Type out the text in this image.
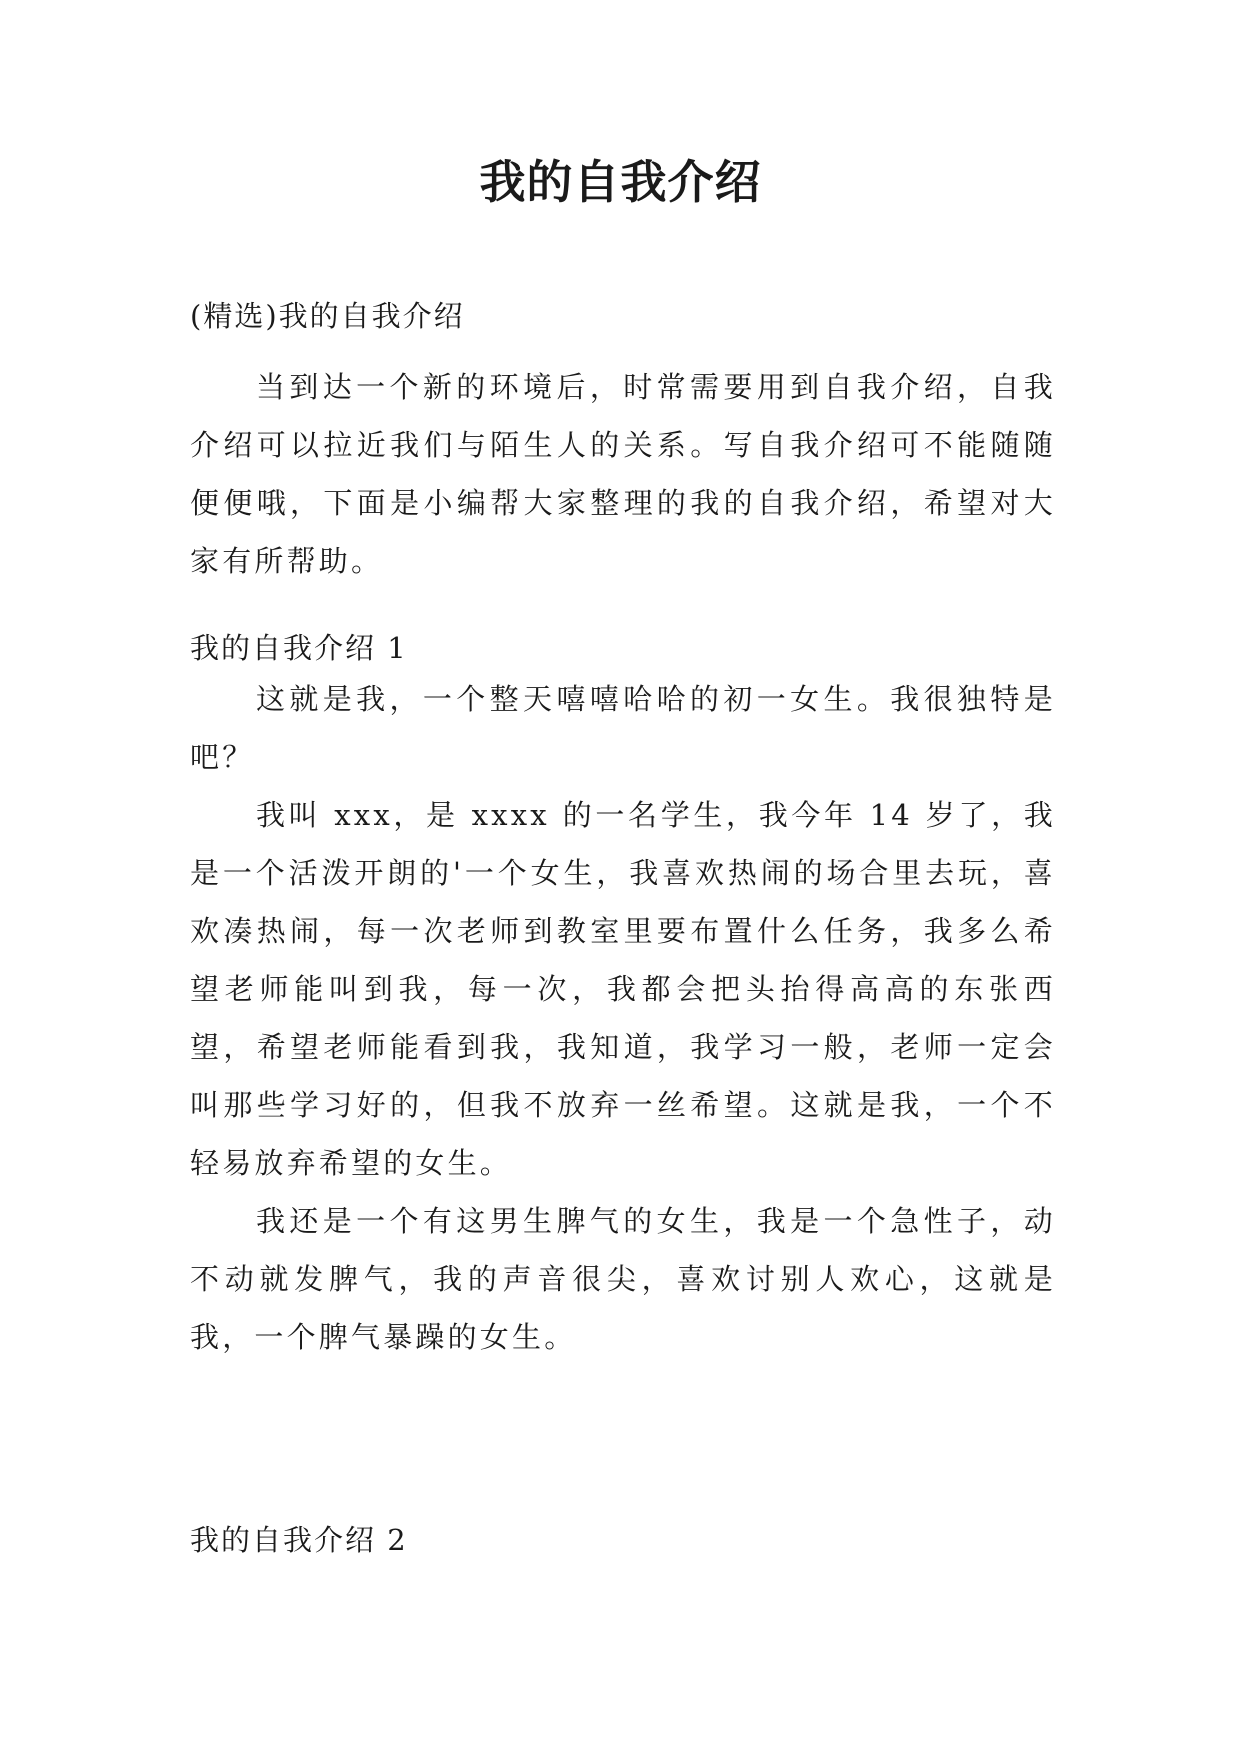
我的自我介绍
(精选)我的自我介绍

当到达一个新的环境后，时常需要用到自我介绍，自我介绍可以拉近我们与陌生人的关系。写自我介绍可不能随随便便哦，下面是小编帮大家整理的我的自我介绍，希望对大家有所帮助。

我的自我介绍 1

这就是我，一个整天嘻嘻哈哈的初一女生。我很独特是吧？

我叫 xxx，是 xxxx 的一名学生，我今年 14 岁了，我是一个活泼开朗的'一个女生，我喜欢热闹的场合里去玩，喜欢凑热闹，每一次老师到教室里要布置什么任务，我多么希望老师能叫到我，每一次，我都会把头抬得高高的东张西望，希望老师能看到我，我知道，我学习一般，老师一定会叫那些学习好的，但我不放弃一丝希望。这就是我，一个不轻易放弃希望的女生。

我还是一个有这男生脾气的女生，我是一个急性子，动不动就发脾气，我的声音很尖，喜欢讨别人欢心，这就是我，一个脾气暴躁的女生。

我的自我介绍 2
